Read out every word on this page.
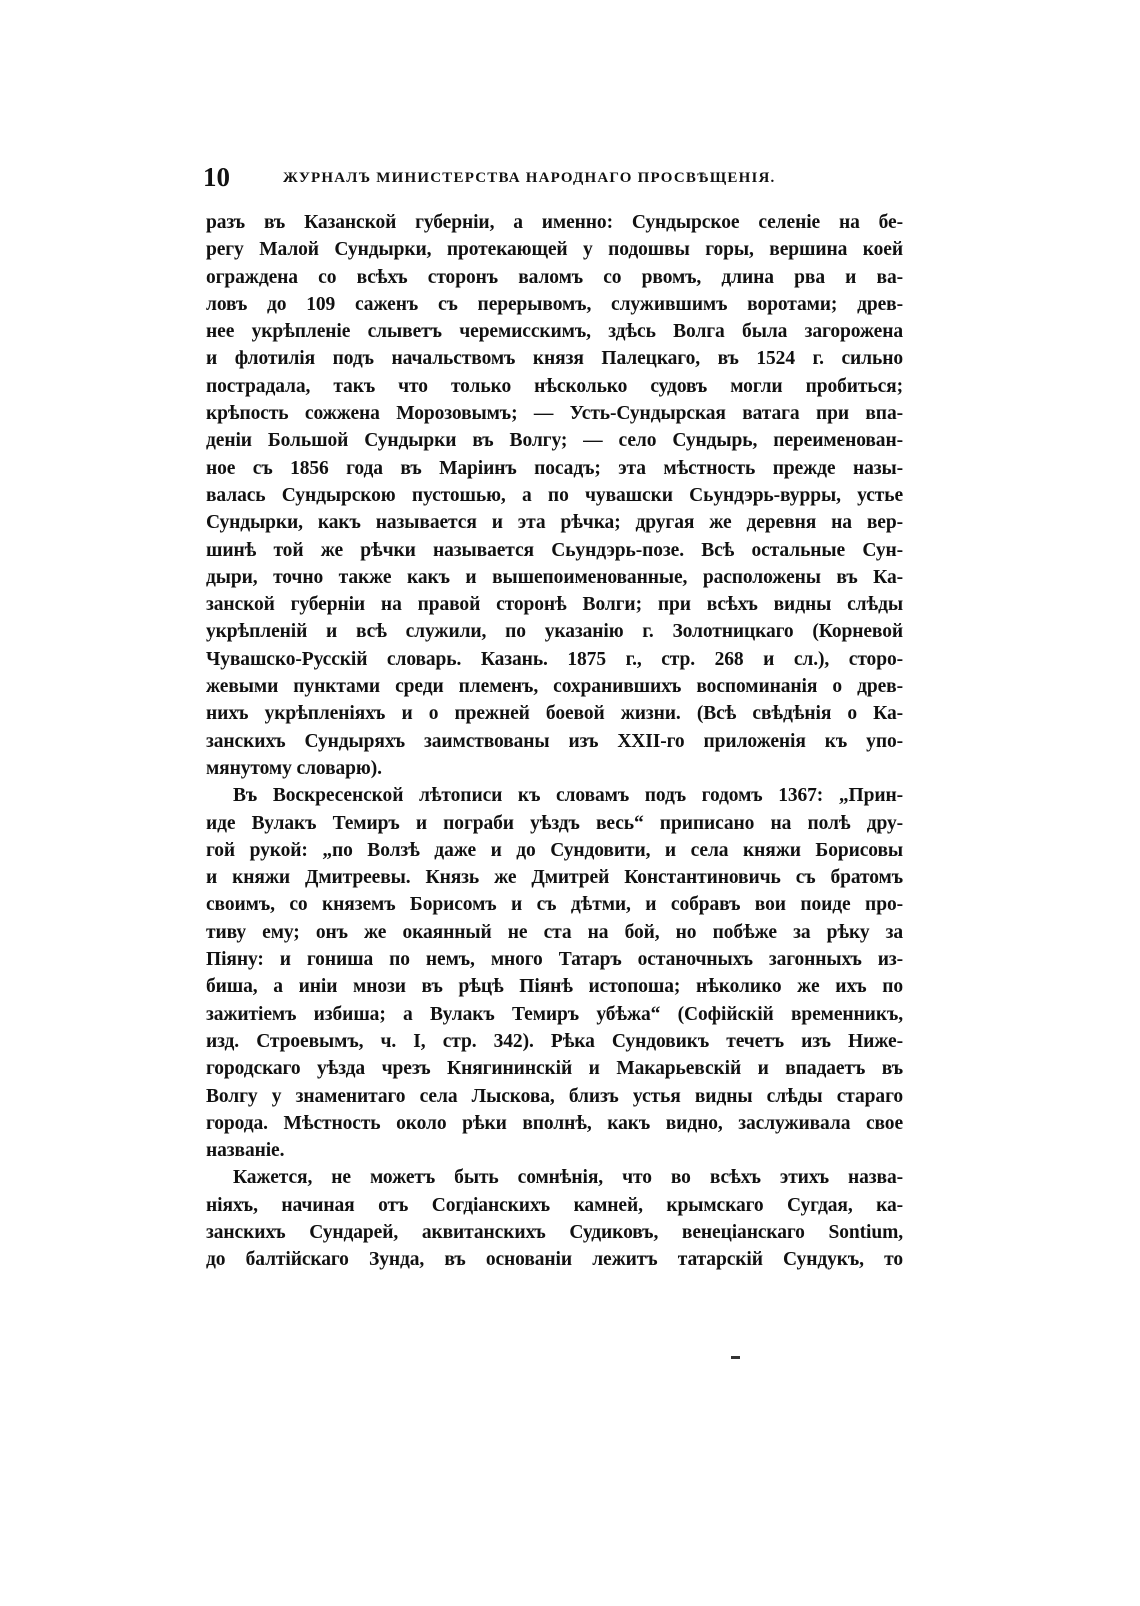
10	ЖУРНАЛЪ МИНИСТЕРСТВА НАРОДНАГО ПРОСВѢЩЕНІЯ.
разъ въ Казанской губерніи, а именно: Сундырское селеніе на бе-
регу Малой Сундырки, протекающей у подошвы горы, вершина коей
ограждена со всѣхъ сторонъ валомъ со рвомъ, длина рва и ва-
ловъ до 109 саженъ съ перерывомъ, служившимъ воротами; древ-
нее укрѣпленіе слыветъ черемисскимъ, здѣсь Волга была загорожена
и флотилія подъ начальствомъ князя Палецкаго, въ 1524 г. сильно
пострадала, такъ что только нѣсколько судовъ могли пробиться;
крѣпость сожжена Морозовымъ; — Усть-Сундырская ватага при впа-
деніи Большой Сундырки въ Волгу; — село Сундырь, переименован-
ное съ 1856 года въ Маріинъ посадъ; эта мѣстность прежде назы-
валась Сундырскою пустошью, а по чувашски Сьундэрь-вурры, устье
Сундырки, какъ называется и эта рѣчка; другая же деревня на вер-
шинѣ той же рѣчки называется Сьундэрь-позе. Всѣ остальные Сун-
дыри, точно также какъ и вышепоименованные, расположены въ Ка-
занской губерніи на правой сторонѣ Волги; при всѣхъ видны слѣды
укрѣпленій и всѣ служили, по указанію г. Золотницкаго (Корневой
Чувашско-Русскій словарь. Казань. 1875 г., стр. 268 и сл.), сторо-
жевыми пунктами среди племенъ, сохранившихъ воспоминанія о древ-
нихъ укрѣпленіяхъ и о прежней боевой жизни. (Всѣ свѣдѣнія о Ка-
занскихъ Сундыряхъ заимствованы изъ XXII-го приложенія къ упо-
мянутому словарю).
Въ Воскресенской лѣтописи къ словамъ подъ годомъ 1367: „Прин-
иде Вулакъ Темиръ и пограби уѣздъ весь“ приписано на полѣ дру-
гой рукой: „по Волзѣ даже и до Сундовити, и села княжи Борисовы
и княжи Дмитреевы. Князь же Дмитрей Константиновичь съ братомъ
своимъ, со княземъ Борисомъ и съ дѣтми, и собравъ вои поиде про-
тиву ему; онъ же окаянный не ста на бой, но побѣже за рѣку за
Піяну: и гониша по немъ, много Татаръ останочныхъ загонныхъ из-
биша, а иніи мнози въ рѣцѣ Піянѣ истопоша; нѣколико же ихъ по
зажитіемъ избиша; а Вулакъ Темиръ убѣжа“ (Софійскій временникъ,
изд. Строевымъ, ч. I, стр. 342). Рѣка Сундовикъ течетъ изъ Ниже-
городскаго уѣзда чрезъ Княгининскій и Макарьевскій и впадаетъ въ
Волгу у знаменитаго села Лыскова, близъ устья видны слѣды стараго
города. Мѣстность около рѣки вполнѣ, какъ видно, заслуживала свое
названіе.
Кажется, не можетъ быть сомнѣнія, что во всѣхъ этихъ назва-
ніяхъ, начиная отъ Согдіанскихъ камней, крымскаго Сугдая, ка-
занскихъ Сундарей, аквитанскихъ Судиковъ, венеціанскаго Sontium,
до балтійскаго Зунда, въ основаніи лежитъ татарскій Сундукъ, то
